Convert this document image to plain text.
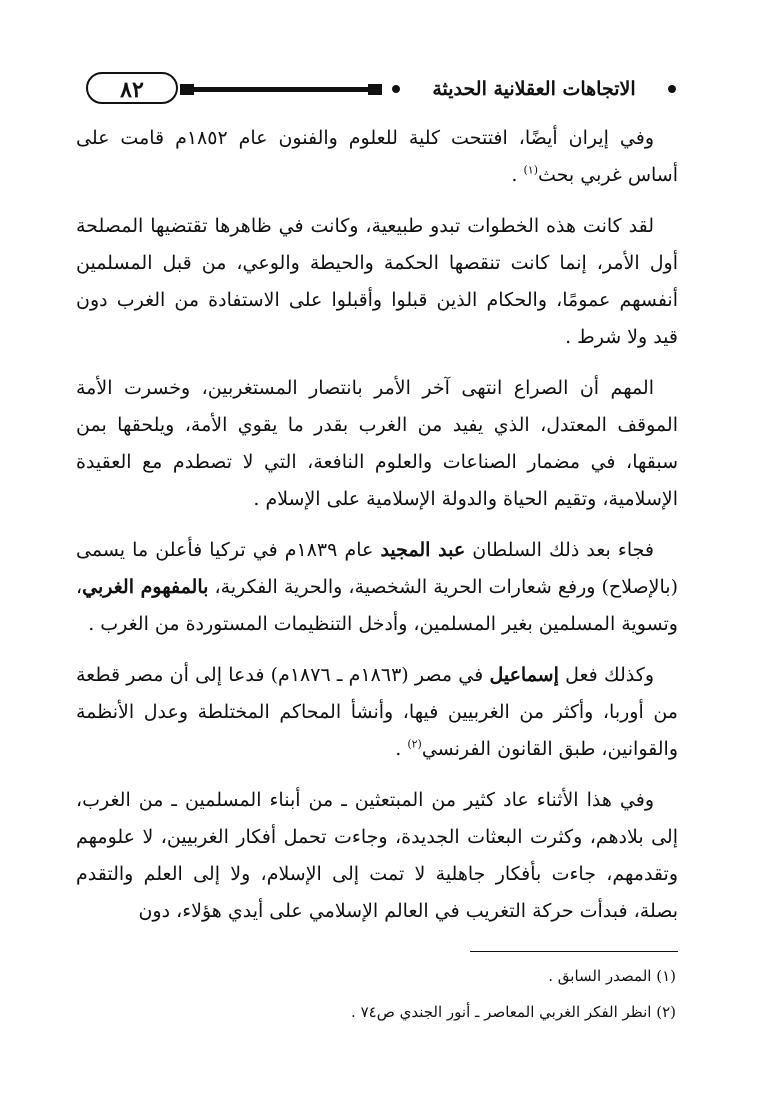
٨٢	الاتجاهات العقلانية الحديثة

وفي إيران أيضًا، افتتحت كلية للعلوم والفنون عام ١٨٥٢م قامت على أساس غربي بحث$^{(١)}$ .

لقد كانت هذه الخطوات تبدو طبيعية، وكانت في ظاهرها تقتضيها المصلحة أول الأمر، إنما كانت تنقصها الحكمة والحيطة والوعي، من قبل المسلمين أنفسهم عمومًا، والحكام الذين قبلوا وأقبلوا على الاستفادة من الغرب دون قيد ولا شرط .

المهم أن الصراع انتهى آخر الأمر بانتصار المستغربين، وخسرت الأمة الموقف المعتدل، الذي يفيد من الغرب بقدر ما يقوي الأمة، ويلحقها بمن سبقها، في مضمار الصناعات والعلوم النافعة، التي لا تصطدم مع العقيدة الإسلامية، وتقيم الحياة والدولة الإسلامية على الإسلام .

فجاء بعد ذلك السلطان عبد المجيد عام ١٨٣٩م في تركيا فأعلن ما يسمى (بالإصلاح) ورفع شعارات الحرية الشخصية، والحرية الفكرية، بالمفهوم الغربي، وتسوية المسلمين بغير المسلمين، وأدخل التنظيمات المستوردة من الغرب .

وكذلك فعل إسماعيل في مصر (١٨٦٣م ـ ١٨٧٦م) فدعا إلى أن مصر قطعة من أوربا، وأكثر من الغربيين فيها، وأنشأ المحاكم المختلطة وعدل الأنظمة والقوانين، طبق القانون الفرنسي$^{(٢)}$ .

وفي هذا الأثناء عاد كثير من المبتعثين ـ من أبناء المسلمين ـ من الغرب، إلى بلادهم، وكثرت البعثات الجديدة، وجاءت تحمل أفكار الغربيين، لا علومهم وتقدمهم، جاءت بأفكار جاهلية لا تمت إلى الإسلام، ولا إلى العلم والتقدم بصلة، فبدأت حركة التغريب في العالم الإسلامي على أيدي هؤلاء، دون

(١) المصدر السابق .
(٢) انظر الفكر الغربي المعاصر ـ أنور الجندي ص٧٤ .
